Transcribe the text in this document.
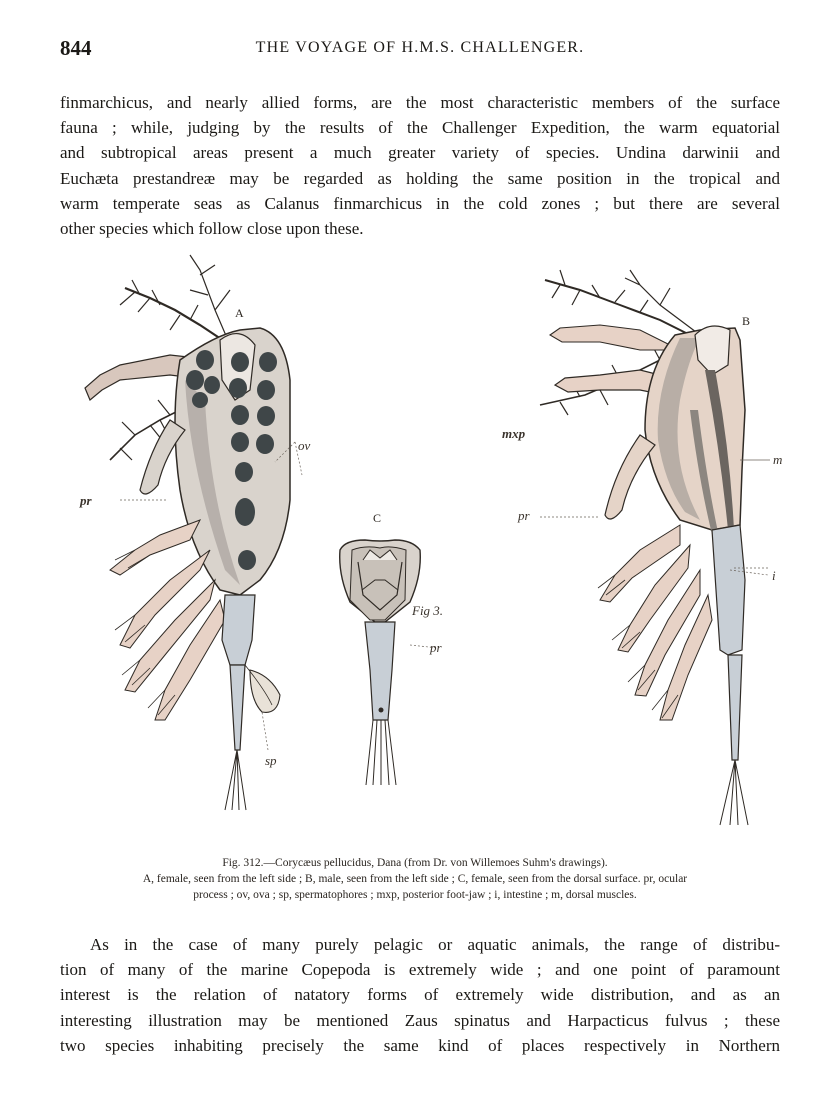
844	THE VOYAGE OF H.M.S. CHALLENGER.
finmarchicus, and nearly allied forms, are the most characteristic members of the surface
fauna ; while, judging by the results of the Challenger Expedition, the warm equatorial
and subtropical areas present a much greater variety of species. Undina darwinii and
Euchæta prestandreæ may be regarded as holding the same position in the tropical and
warm temperate seas as Calanus finmarchicus in the cold zones ; but there are several
other species which follow close upon these.
A
ov
pr
sp
C
Fig 3.
pr
B
mxp
m
pr
i
Fig. 312.—Corycæus pellucidus, Dana (from Dr. von Willemoes Suhm's drawings).
A, female, seen from the left side ; B, male, seen from the left side ; C, female, seen from the dorsal surface. pr, ocular
process ; ov, ova ; sp, spermatophores ; mxp, posterior foot-jaw ; i, intestine ; m, dorsal muscles.
As in the case of many purely pelagic or aquatic animals, the range of distribu-
tion of many of the marine Copepoda is extremely wide ; and one point of paramount
interest is the relation of natatory forms of extremely wide distribution, and as an
interesting illustration may be mentioned Zaus spinatus and Harpacticus fulvus ; these
two species inhabiting precisely the same kind of places respectively in Northern
